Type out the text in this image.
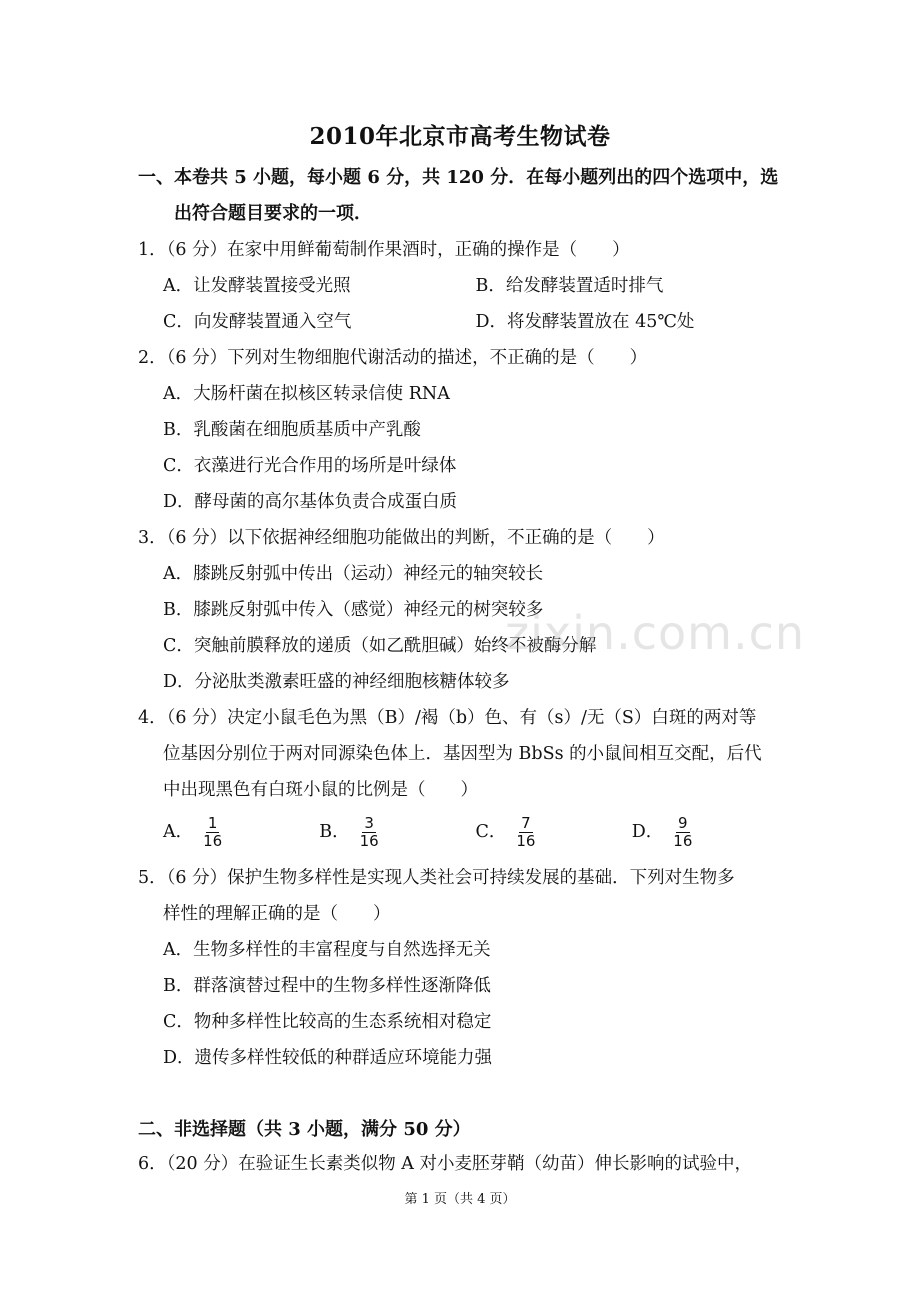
2010年北京市高考生物试卷
一、本卷共 5 小题，每小题 6 分，共 120 分．在每小题列出的四个选项中，选
出符合题目要求的一项．
1．（6 分）在家中用鲜葡萄制作果酒时，正确的操作是（　　）
A．让发酵装置接受光照	B．给发酵装置适时排气
C．向发酵装置通入空气	D．将发酵装置放在 45℃处
2．（6 分）下列对生物细胞代谢活动的描述，不正确的是（　　）
A．大肠杆菌在拟核区转录信使 RNA
B．乳酸菌在细胞质基质中产乳酸
C．衣藻进行光合作用的场所是叶绿体
D．酵母菌的高尔基体负责合成蛋白质
3．（6 分）以下依据神经细胞功能做出的判断，不正确的是（　　）
A．膝跳反射弧中传出（运动）神经元的轴突较长
B．膝跳反射弧中传入（感觉）神经元的树突较多
C．突触前膜释放的递质（如乙酰胆碱）始终不被酶分解
D．分泌肽类激素旺盛的神经细胞核糖体较多
4．（6 分）决定小鼠毛色为黑（B）/褐（b）色、有（s）/无（S）白斑的两对等
位基因分别位于两对同源染色体上．基因型为 BbSs 的小鼠间相互交配，后代
中出现黑色有白斑小鼠的比例是（　　）
A． $\frac{1}{16}$	B． $\frac{3}{16}$	C． $\frac{7}{16}$	D． $\frac{9}{16}$
5．（6 分）保护生物多样性是实现人类社会可持续发展的基础．下列对生物多
样性的理解正确的是（　　）
A．生物多样性的丰富程度与自然选择无关
B．群落演替过程中的生物多样性逐渐降低
C．物种多样性比较高的生态系统相对稳定
D．遗传多样性较低的种群适应环境能力强
二、非选择题（共 3 小题，满分 50 分）
6．（20 分）在验证生长素类似物 A 对小麦胚芽鞘（幼苗）伸长影响的试验中，
zixin.com.cn
第 1 页（共 4 页）
